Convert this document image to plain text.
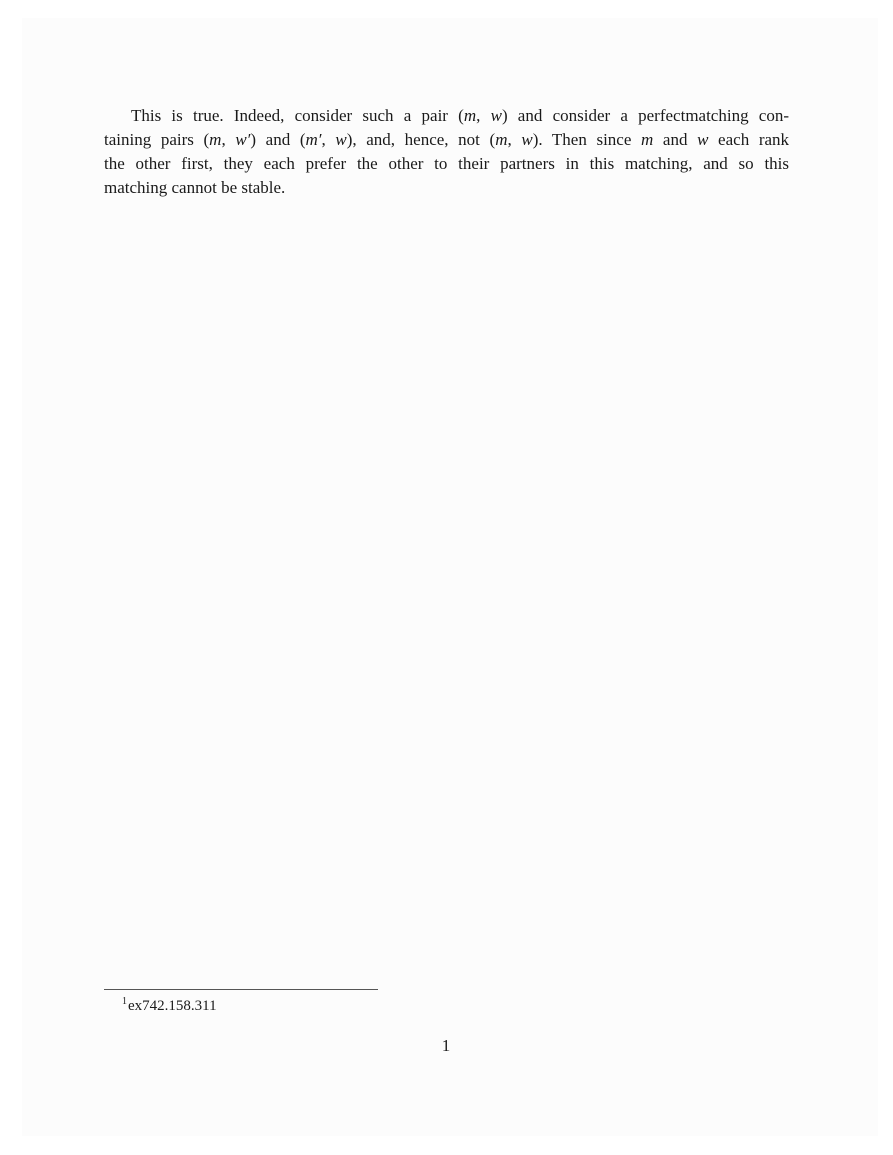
This is true. Indeed, consider such a pair (m, w) and consider a perfectmatching con-
taining pairs (m, w′) and (m′, w), and, hence, not (m, w). Then since m and w each rank
the other first, they each prefer the other to their partners in this matching, and so this
matching cannot be stable.
$^1$ex742.158.311
1
